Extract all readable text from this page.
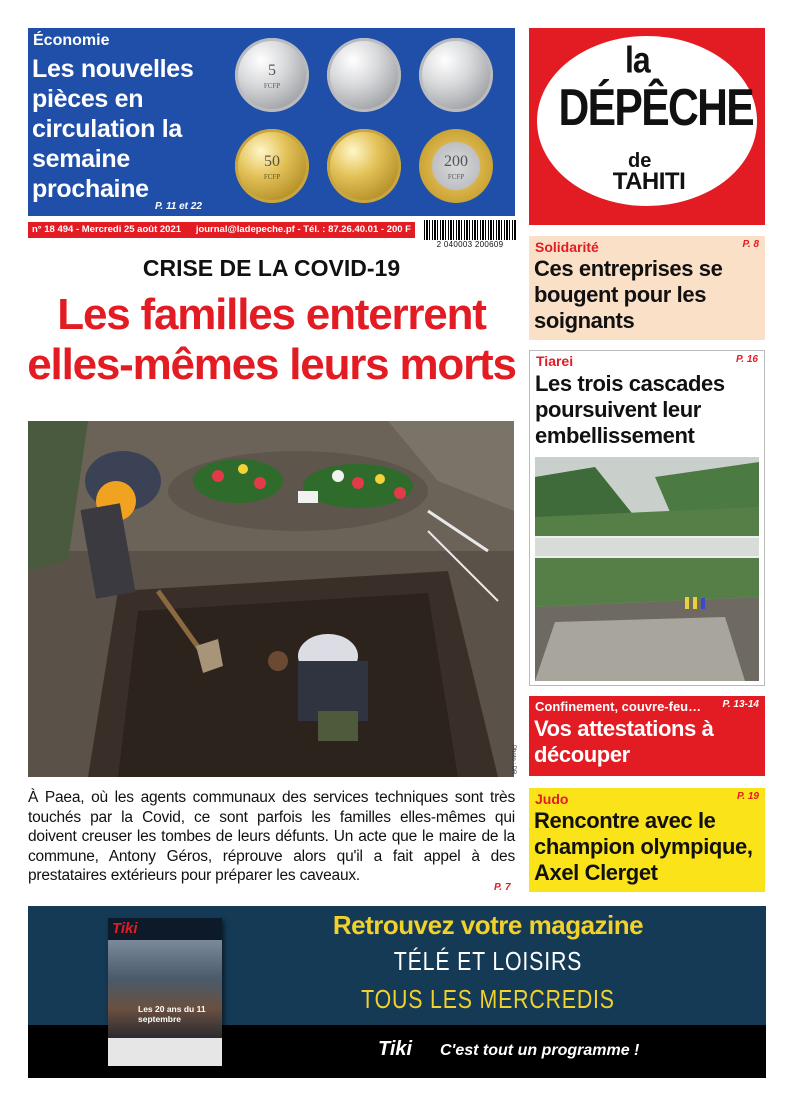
Économie
Les nouvelles pièces en circulation la semaine prochaine
P. 11 et 22
5
FCFP
50
FCFP
200
FCFP
la
DÉPÊCHE
de
TAHITI
n° 18 494 - Mercredi 25 août 2021 journal@ladepeche.pf - Tél. : 87.26.40.01 - 200 F
2 040003 200609
CRISE DE LA COVID-19
Les familles enterrent elles-mêmes leurs morts
Photo : DR
À Paea, où les agents communaux des services techniques sont très touchés par la Covid, ce sont parfois les familles elles-mêmes qui doivent creuser les tombes de leurs défunts. Un acte que le maire de la commune, Antony Géros, réprouve alors qu'il a fait appel à des prestataires extérieurs pour préparer les caveaux.
P. 7
Solidarité	P. 8
Ces entreprises se bougent pour les soignants
Tiarei	P. 16
Les trois cascades poursuivent leur embellissement
Confinement, couvre-feu… P. 13-14
Vos attestations à découper
Judo	P. 19
Rencontre avec le champion olympique, Axel Clerget
Tiki
Les 20 ans du 11 septembre
Retrouvez votre magazine
TÉLÉ ET LOISIRS
TOUS LES MERCREDIS
Tiki C'est tout un programme !
